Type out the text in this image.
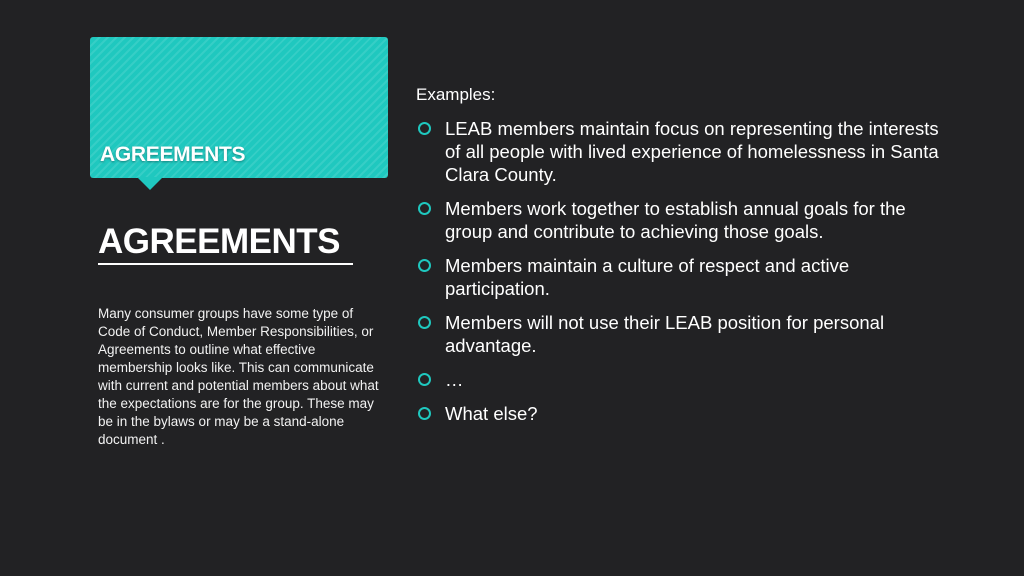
AGREEMENTS
AGREEMENTS

Many consumer groups have some type of Code of Conduct, Member Responsibilities, or Agreements to outline what effective membership looks like. This can communicate with current and potential members about what the expectations are for the group. These may be in the bylaws or may be a stand-alone document .

Examples:
LEAB members maintain focus on representing the interests of all people with lived experience of homelessness in Santa Clara County.
Members work together to establish annual goals for the group and contribute to achieving those goals.
Members maintain a culture of respect and active participation.
Members will not use their LEAB position for personal advantage.
…
What else?
